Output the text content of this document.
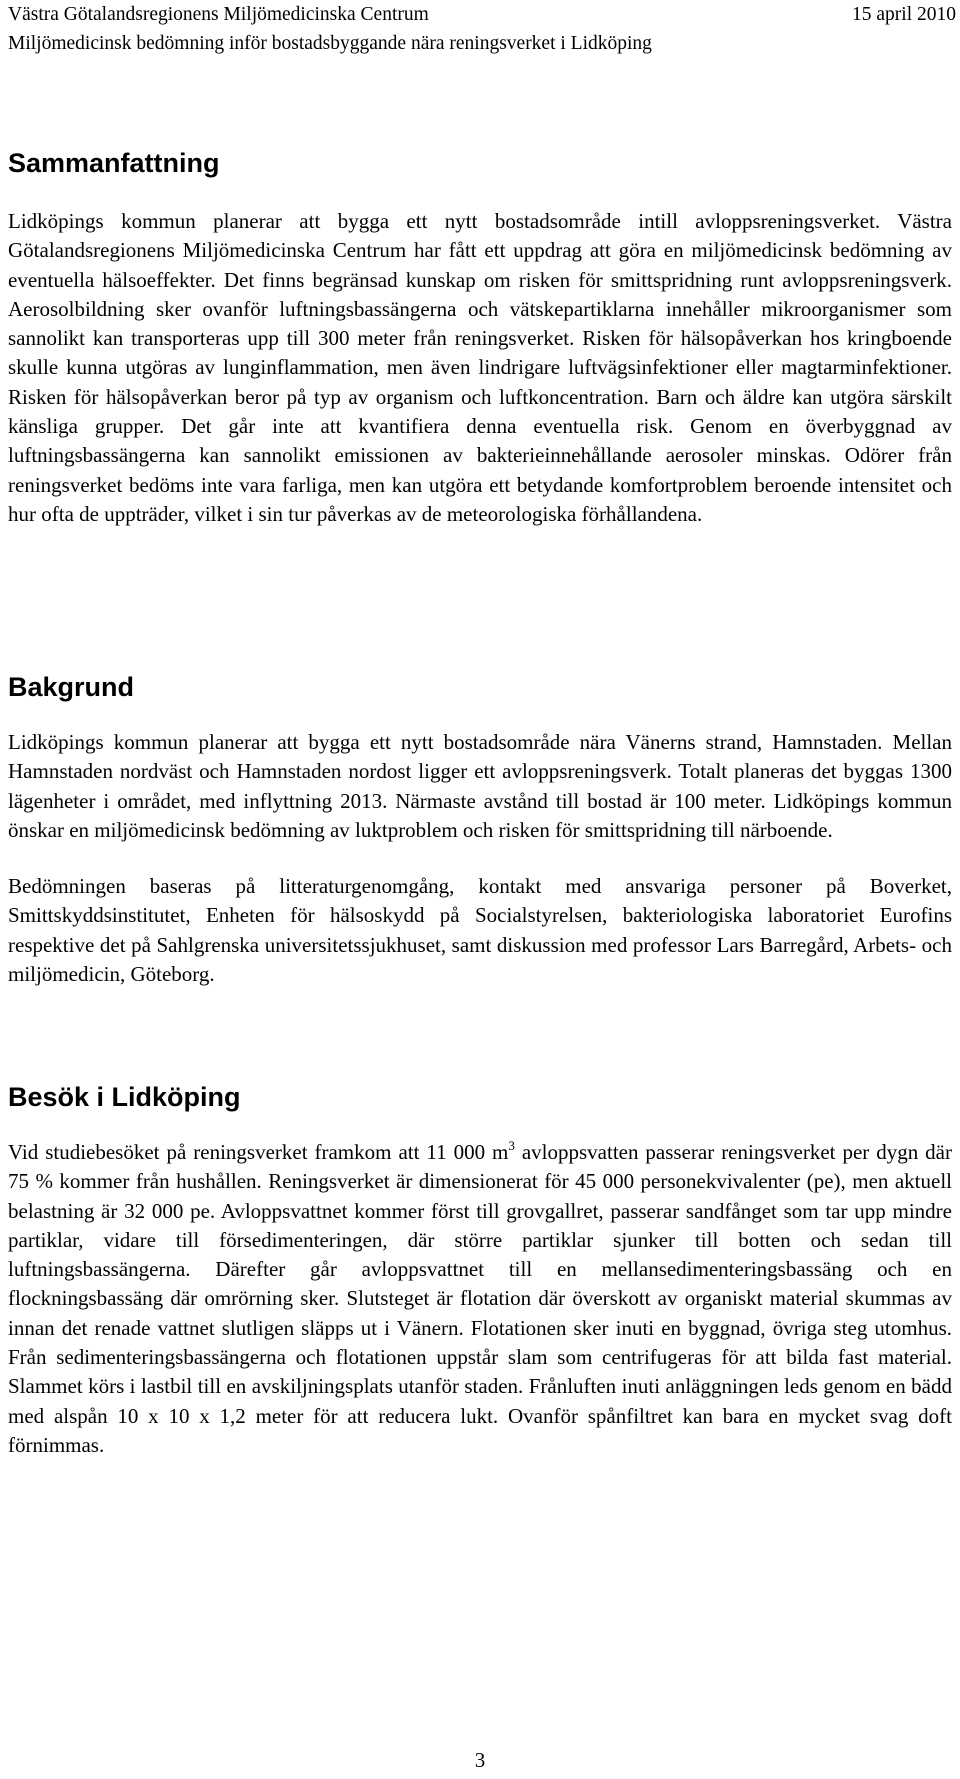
Västra Götalandsregionens Miljömedicinska Centrum	15 april 2010
Miljömedicinsk bedömning inför bostadsbyggande nära reningsverket i Lidköping
Sammanfattning

Lidköpings kommun planerar att bygga ett nytt bostadsområde intill avloppsreningsverket. Västra Götalandsregionens Miljömedicinska Centrum har fått ett uppdrag att göra en miljömedicinsk bedömning av eventuella hälsoeffekter. Det finns begränsad kunskap om risken för smittspridning runt avloppsreningsverk. Aerosolbildning sker ovanför luftningsbassängerna och vätskepartiklarna innehåller mikroorganismer som sannolikt kan transporteras upp till 300 meter från reningsverket. Risken för hälsopåverkan hos kringboende skulle kunna utgöras av lunginflammation, men även lindrigare luftvägsinfektioner eller magtarminfektioner. Risken för hälsopåverkan beror på typ av organism och luftkoncentration. Barn och äldre kan utgöra särskilt känsliga grupper. Det går inte att kvantifiera denna eventuella risk. Genom en överbyggnad av luftningsbassängerna kan sannolikt emissionen av bakterieinnehållande aerosoler minskas. Odörer från reningsverket bedöms inte vara farliga, men kan utgöra ett betydande komfortproblem beroende intensitet och hur ofta de uppträder, vilket i sin tur påverkas av de meteorologiska förhållandena.

Bakgrund

Lidköpings kommun planerar att bygga ett nytt bostadsområde nära Vänerns strand, Hamnstaden. Mellan Hamnstaden nordväst och Hamnstaden nordost ligger ett avloppsreningsverk. Totalt planeras det byggas 1300 lägenheter i området, med inflyttning 2013. Närmaste avstånd till bostad är 100 meter. Lidköpings kommun önskar en miljömedicinsk bedömning av luktproblem och risken för smittspridning till närboende.

Bedömningen baseras på litteraturgenomgång, kontakt med ansvariga personer på Boverket, Smittskyddsinstitutet, Enheten för hälsoskydd på Socialstyrelsen, bakteriologiska laboratoriet Eurofins respektive det på Sahlgrenska universitetssjukhuset, samt diskussion med professor Lars Barregård, Arbets- och miljömedicin, Göteborg.

Besök i Lidköping

Vid studiebesöket på reningsverket framkom att 11 000 $m^3$ avloppsvatten passerar reningsverket per dygn där 75 % kommer från hushållen. Reningsverket är dimensionerat för 45 000 personekvivalenter (pe), men aktuell belastning är 32 000 pe. Avloppsvattnet kommer först till grovgallret, passerar sandfånget som tar upp mindre partiklar, vidare till försedimenteringen, där större partiklar sjunker till botten och sedan till luftningsbassängerna. Därefter går avloppsvattnet till en mellansedimenteringsbassäng och en flockningsbassäng där omrörning sker. Slutsteget är flotation där överskott av organiskt material skummas av innan det renade vattnet slutligen släpps ut i Vänern. Flotationen sker inuti en byggnad, övriga steg utomhus. Från sedimenteringsbassängerna och flotationen uppstår slam som centrifugeras för att bilda fast material. Slammet körs i lastbil till en avskiljningsplats utanför staden. Frånluften inuti anläggningen leds genom en bädd med alspån 10 x 10 x 1,2 meter för att reducera lukt. Ovanför spånfiltret kan bara en mycket svag doft förnimmas.

3
